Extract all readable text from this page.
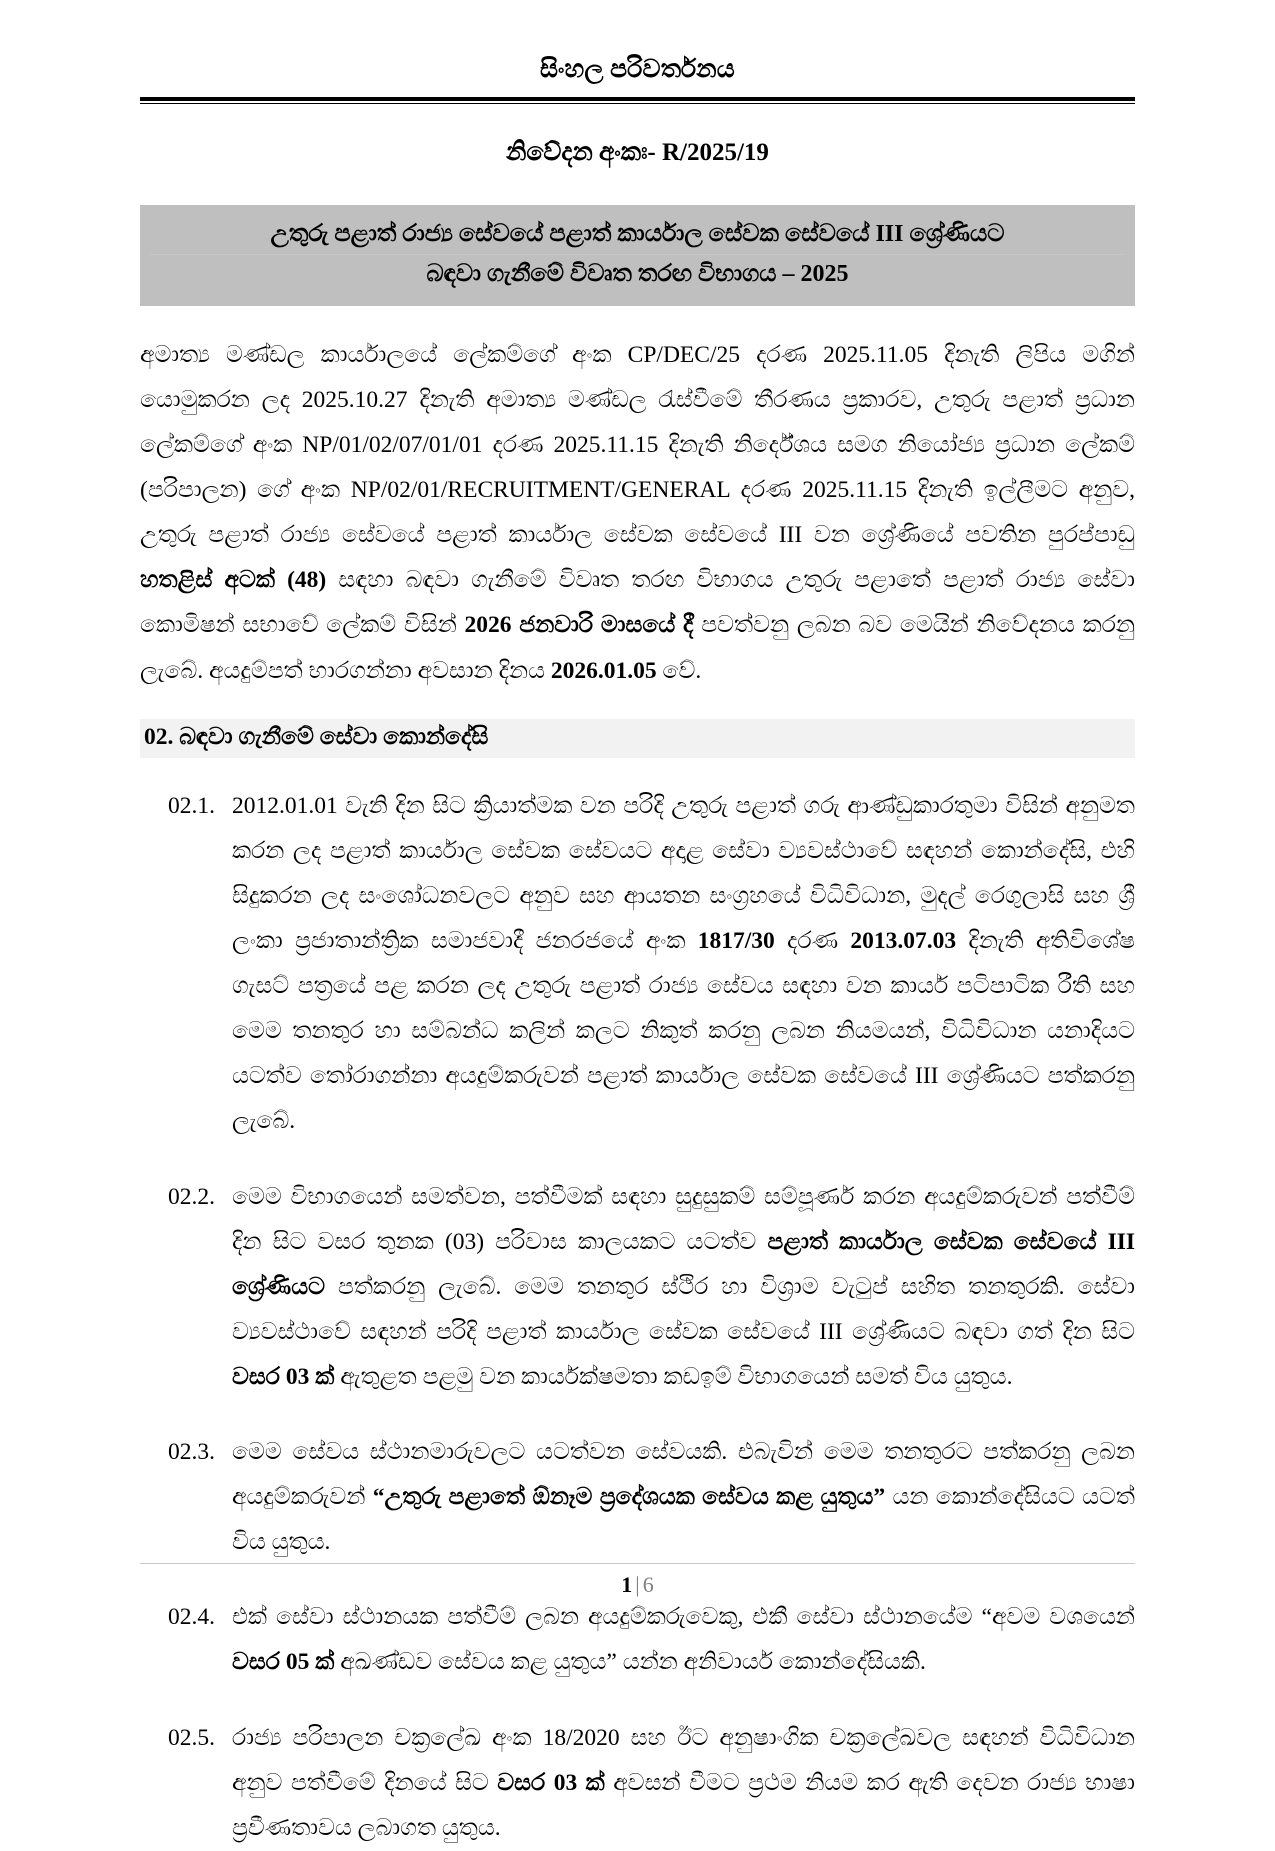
සිංහල පරිවර්තනය
නිවේදන අංකඃ- R/2025/19
උතුරු පළාත් රාජ්‍ය සේවයේ පළාත් කාර්යාල සේවක සේවයේ III ශ්‍රේණියට
බඳවා ගැනීමේ විවෘත තරඟ විභාගය – 2025

අමාත්‍ය මණ්ඩල කාර්යාලයේ ලේකම්ගේ අංක CP/DEC/25 දරණ 2025.11.05 දිනැති ලිපිය මගින් යොමුකරන ලද 2025.10.27 දිනැති අමාත්‍ය මණ්ඩල රැස්වීමේ තීරණය ප්‍රකාරව, උතුරු පළාත් ප්‍රධාන ලේකම්ගේ අංක NP/01/02/07/01/01 දරණ 2025.11.15 දිනැති නිර්දේශය සමග නියෝජ්‍ය ප්‍රධාන ලේකම් (පරිපාලන) ගේ අංක NP/02/01/RECRUITMENT/GENERAL දරණ 2025.11.15 දිනැති ඉල්ලීමට අනුව, උතුරු පළාත් රාජ්‍ය සේවයේ පළාත් කාර්යාල සේවක සේවයේ III වන ශ්‍රේණියේ පවතින පුරප්පාඩු හතළිස් අටක් (48) සඳහා බඳවා ගැනීමේ විවෘත තරඟ විභාගය උතුරු පළාතේ පළාත් රාජ්‍ය සේවා කොමිෂන් සභාවේ ලේකම් විසින් 2026 ජනවාරි මාසයේ දී පවත්වනු ලබන බව මෙයින් නිවේදනය කරනු ලැබේ. අයදුම්පත් භාරගන්නා අවසාන දිනය 2026.01.05 වේ.

02. බඳවා ගැනීමේ සේවා කොන්දේසි
02.1. 2012.01.01 වැනි දින සිට ක්‍රියාත්මක වන පරිදි උතුරු පළාත් ගරු ආණ්ඩුකාරතුමා විසින් අනුමත කරන ලද පළාත් කාර්යාල සේවක සේවයට අදාළ සේවා ව්‍යවස්ථාවේ සඳහන් කොන්දේසි, එහි සිදුකරන ලද සංශෝධනවලට අනුව සහ ආයතන සංග්‍රහයේ විධිවිධාන, මුදල් රෙගුලාසි සහ ශ්‍රී ලංකා ප්‍රජාතාන්ත්‍රික සමාජවාදී ජනරජයේ අංක 1817/30 දරණ 2013.07.03 දිනැති අතිවිශේෂ ගැසට් පත්‍රයේ පළ කරන ලද උතුරු පළාත් රාජ්‍ය සේවය සඳහා වන කාර්ය පටිපාටික රීති සහ මෙම තනතුර හා සම්බන්ධ කලින් කලට නිකුත් කරනු ලබන නියමයන්, විධිවිධාන යනාදියට යටත්ව තෝරාගන්නා අයදුම්කරුවන් පළාත් කාර්යාල සේවක සේවයේ III ශ්‍රේණියට පත්කරනු ලැබේ.
02.2. මෙම විභාගයෙන් සමත්වන, පත්වීමක් සඳහා සුදුසුකම් සම්පූර්ණ කරන අයදුම්කරුවන් පත්වීම් දින සිට වසර තුනක (03) පරිවාස කාලයකට යටත්ව පළාත් කාර්යාල සේවක සේවයේ III ශ්‍රේණියට පත්කරනු ලැබේ. මෙම තනතුර ස්ථිර හා විශ්‍රාම වැටුප් සහිත තනතුරකි. සේවා ව්‍යවස්ථාවේ සඳහන් පරිදි පළාත් කාර්යාල සේවක සේවයේ III ශ්‍රේණියට බඳවා ගත් දින සිට වසර 03 ක් ඇතුළත පළමු වන කාර්යක්ෂමතා කඩඉම් විභාගයෙන් සමත් විය යුතුය.
02.3. මෙම සේවය ස්ථානමාරුවලට යටත්වන සේවයකි. එබැවින් මෙම තනතුරට පත්කරනු ලබන අයදුම්කරුවන් “උතුරු පළාතේ ඕනෑම ප්‍රදේශයක සේවය කළ යුතුය” යන කොන්දේසියට යටත් විය යුතුය.
02.4. එක් සේවා ස්ථානයක පත්වීම් ලබන අයදුම්කරුවෙකු, එකී සේවා ස්ථානයේම “අවම වශයෙන් වසර 05 ක් අඛණ්ඩව සේවය කළ යුතුය” යන්න අනිවාර්ය කොන්දේසියකි.
02.5. රාජ්‍ය පරිපාලන චක්‍රලේඛ අංක 18/2020 සහ ඊට අනුෂාංගික චක්‍රලේඛවල සඳහන් විධිවිධාන අනුව පත්වීමේ දිනයේ සිට වසර 03 ක් අවසන් වීමට ප්‍රථම නියම කර ඇති දෙවන රාජ්‍ය භාෂා ප්‍රවීණතාවය ලබාගත යුතුය.
1 | 6
